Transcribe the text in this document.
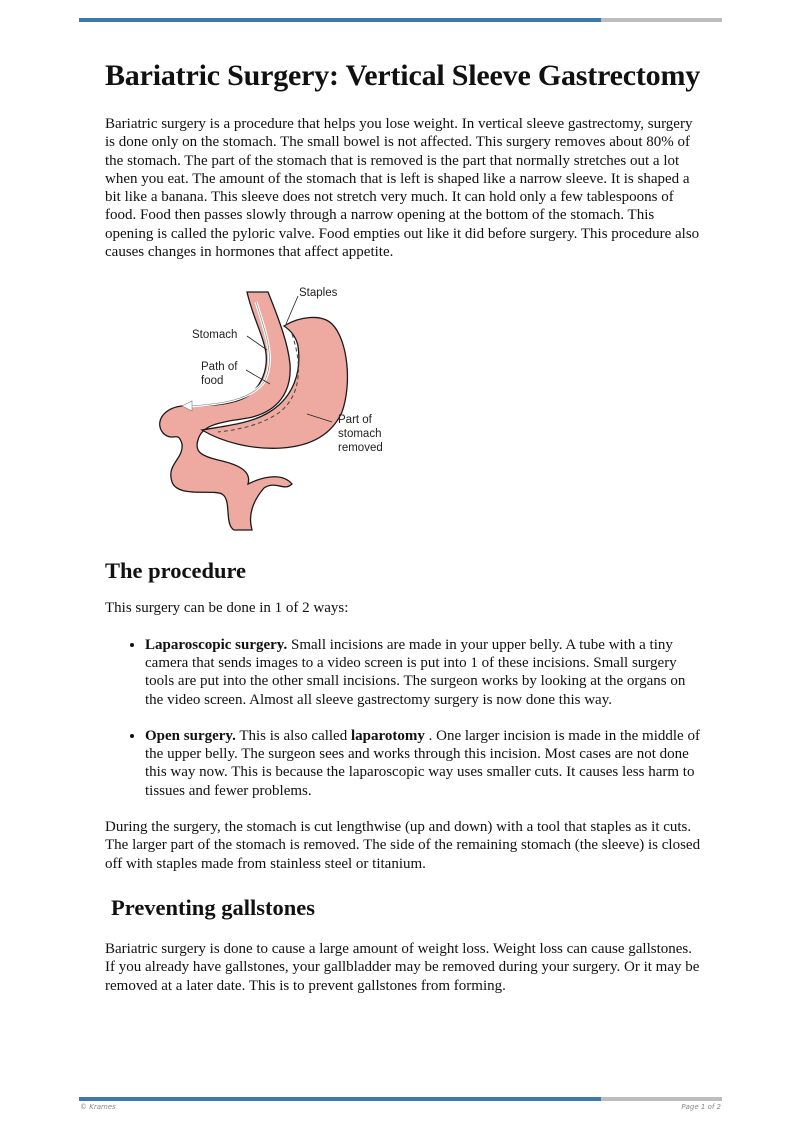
Bariatric Surgery: Vertical Sleeve Gastrectomy

Bariatric surgery is a procedure that helps you lose weight. In vertical sleeve gastrectomy, surgery is done only on the stomach. The small bowel is not affected. This surgery removes about 80% of the stomach. The part of the stomach that is removed is the part that normally stretches out a lot when you eat. The amount of the stomach that is left is shaped like a narrow sleeve. It is shaped a bit like a banana. This sleeve does not stretch very much. It can hold only a few tablespoons of food. Food then passes slowly through a narrow opening at the bottom of the stomach. This opening is called the pyloric valve. Food empties out like it did before surgery. This procedure also causes changes in hormones that affect appetite.

Staples
Stomach
Path of
food
Part of
stomach
removed
The procedure

This surgery can be done in 1 of 2 ways:

• Laparoscopic surgery. Small incisions are made in your upper belly. A tube with a tiny camera that sends images to a video screen is put into 1 of these incisions. Small surgery tools are put into the other small incisions. The surgeon works by looking at the organs on the video screen. Almost all sleeve gastrectomy surgery is now done this way.
• Open surgery. This is also called laparotomy . One larger incision is made in the middle of the upper belly. The surgeon sees and works through this incision. Most cases are not done this way now. This is because the laparoscopic way uses smaller cuts. It causes less harm to tissues and fewer problems.

During the surgery, the stomach is cut lengthwise (up and down) with a tool that staples as it cuts. The larger part of the stomach is removed. The side of the remaining stomach (the sleeve) is closed off with staples made from stainless steel or titanium.

Preventing gallstones

Bariatric surgery is done to cause a large amount of weight loss. Weight loss can cause gallstones. If you already have gallstones, your gallbladder may be removed during your surgery. Or it may be removed at a later date. This is to prevent gallstones from forming.

© Krames	Page 1 of 2
